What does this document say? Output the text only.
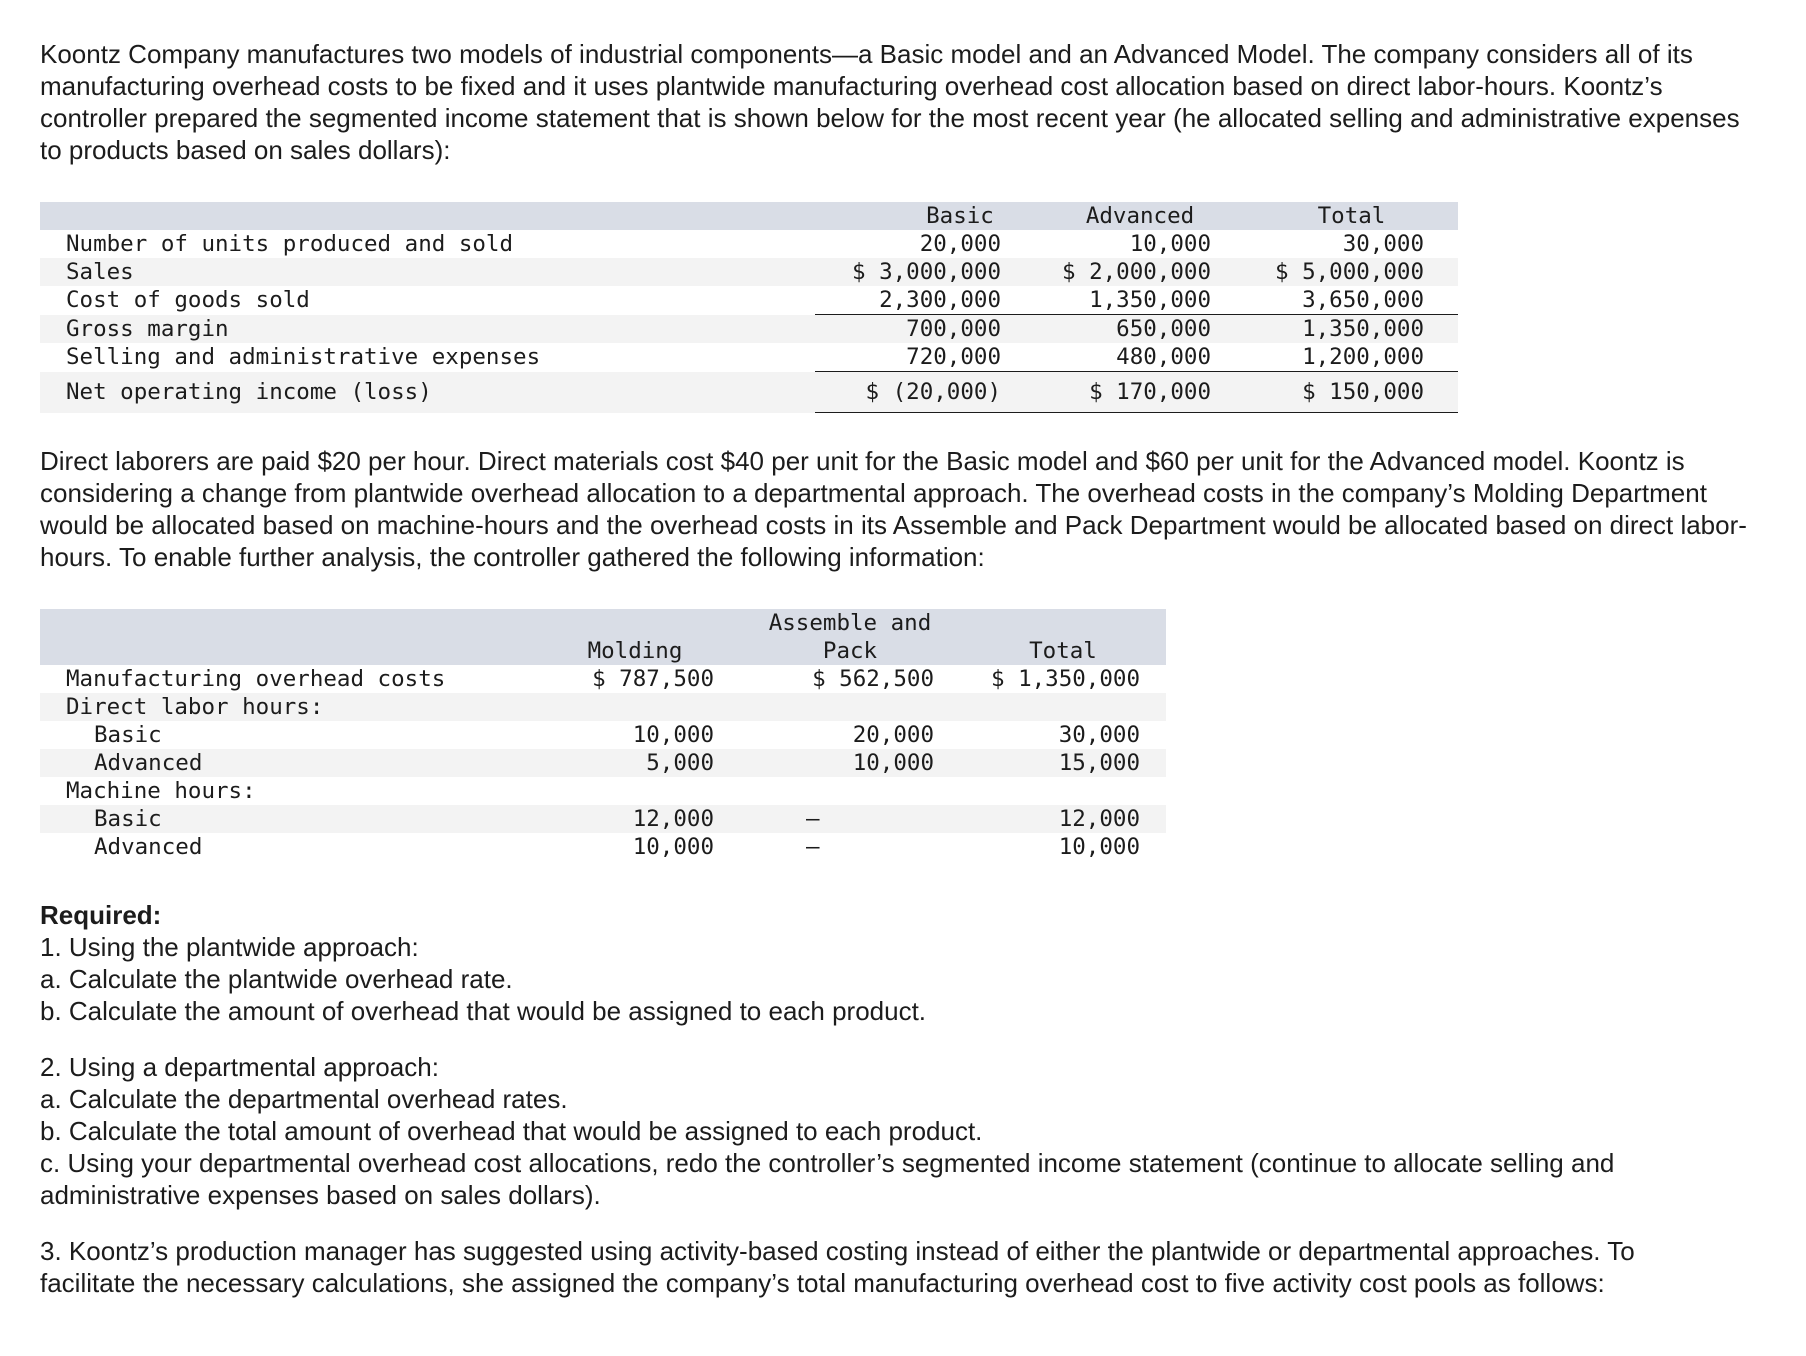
Koontz Company manufactures two models of industrial components—a Basic model and an Advanced Model. The company considers all of its manufacturing overhead costs to be fixed and it uses plantwide manufacturing overhead cost allocation based on direct labor-hours. Koontz’s controller prepared the segmented income statement that is shown below for the most recent year (he allocated selling and administrative expenses to products based on sales dollars):

	Basic	Advanced	Total
Number of units produced and sold	20,000	10,000	30,000
Sales	$ 3,000,000	$ 2,000,000	$ 5,000,000
Cost of goods sold	2,300,000	1,350,000	3,650,000
Gross margin	700,000	650,000	1,350,000
Selling and administrative expenses	720,000	480,000	1,200,000
Net operating income (loss)	$ (20,000)	$ 170,000	$ 150,000

Direct laborers are paid $20 per hour. Direct materials cost $40 per unit for the Basic model and $60 per unit for the Advanced model. Koontz is considering a change from plantwide overhead allocation to a departmental approach. The overhead costs in the company’s Molding Department would be allocated based on machine-hours and the overhead costs in its Assemble and Pack Department would be allocated based on direct labor-hours. To enable further analysis, the controller gathered the following information:

		Assemble and	
	Molding	Pack	Total
Manufacturing overhead costs	$ 787,500	$ 562,500	$ 1,350,000
Direct labor hours:			
Basic	10,000	20,000	30,000
Advanced	5,000	10,000	15,000
Machine hours:			
Basic	12,000	–	12,000
Advanced	10,000	–	10,000

Required:

1. Using the plantwide approach:

a. Calculate the plantwide overhead rate.

b. Calculate the amount of overhead that would be assigned to each product.

2. Using a departmental approach:

a. Calculate the departmental overhead rates.

b. Calculate the total amount of overhead that would be assigned to each product.

c. Using your departmental overhead cost allocations, redo the controller’s segmented income statement (continue to allocate selling and administrative expenses based on sales dollars).

3. Koontz’s production manager has suggested using activity-based costing instead of either the plantwide or departmental approaches. To facilitate the necessary calculations, she assigned the company’s total manufacturing overhead cost to five activity cost pools as follows:
